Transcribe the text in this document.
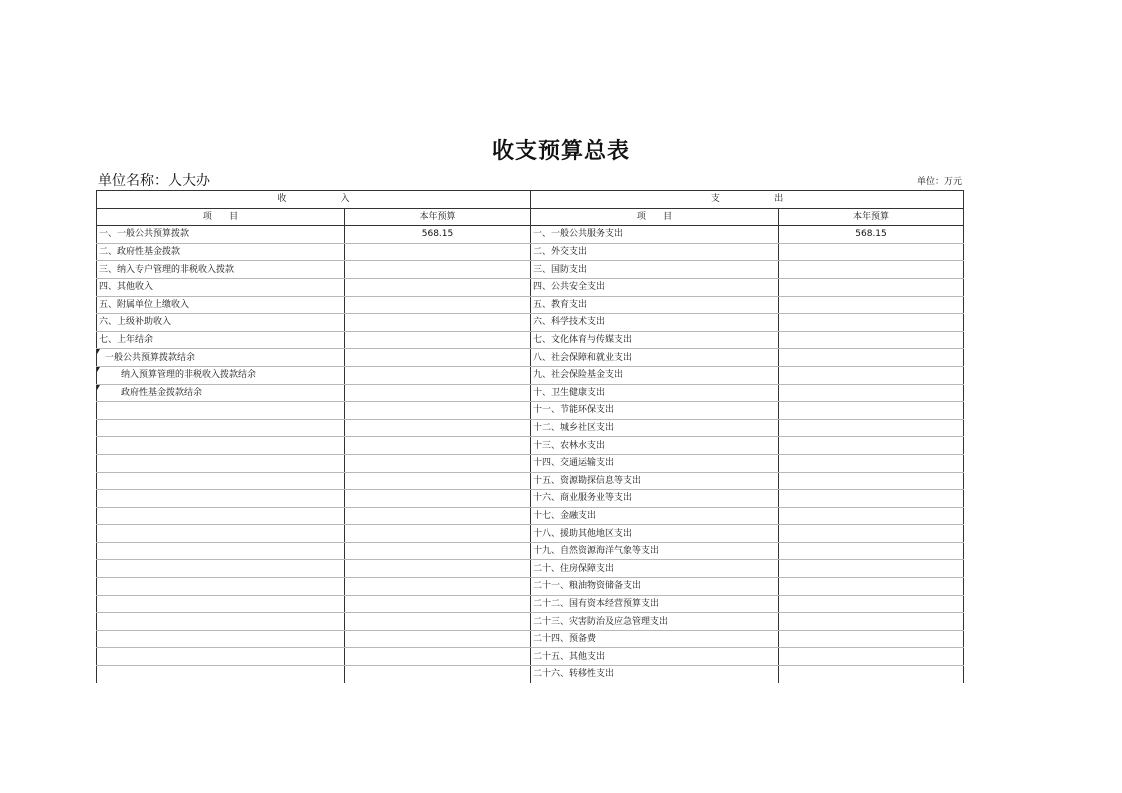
收支预算总表
单位名称：人大办	单位：万元
收                   入		支                   出	
项      目	本年预算	项      目	本年预算
一、一般公共预算拨款	568.15	一、一般公共服务支出	568.15
二、政府性基金拨款		二、外交支出	
三、纳入专户管理的非税收入拨款		三、国防支出	
四、其他收入		四、公共安全支出	
五、附属单位上缴收入		五、教育支出	
六、上级补助收入		六、科学技术支出	
七、上年结余		七、文化体育与传媒支出	
一般公共预算拨款结余		八、社会保障和就业支出	
纳入预算管理的非税收入拨款结余		九、社会保险基金支出	
政府性基金拨款结余		十、卫生健康支出	
		十一、节能环保支出	
		十二、城乡社区支出	
		十三、农林水支出	
		十四、交通运输支出	
		十五、资源勘探信息等支出	
		十六、商业服务业等支出	
		十七、金融支出	
		十八、援助其他地区支出	
		十九、自然资源海洋气象等支出	
		二十、住房保障支出	
		二十一、粮油物资储备支出	
		二十二、国有资本经营预算支出	
		二十三、灾害防治及应急管理支出	
		二十四、预备费	
		二十五、其他支出	
		二十六、转移性支出	
